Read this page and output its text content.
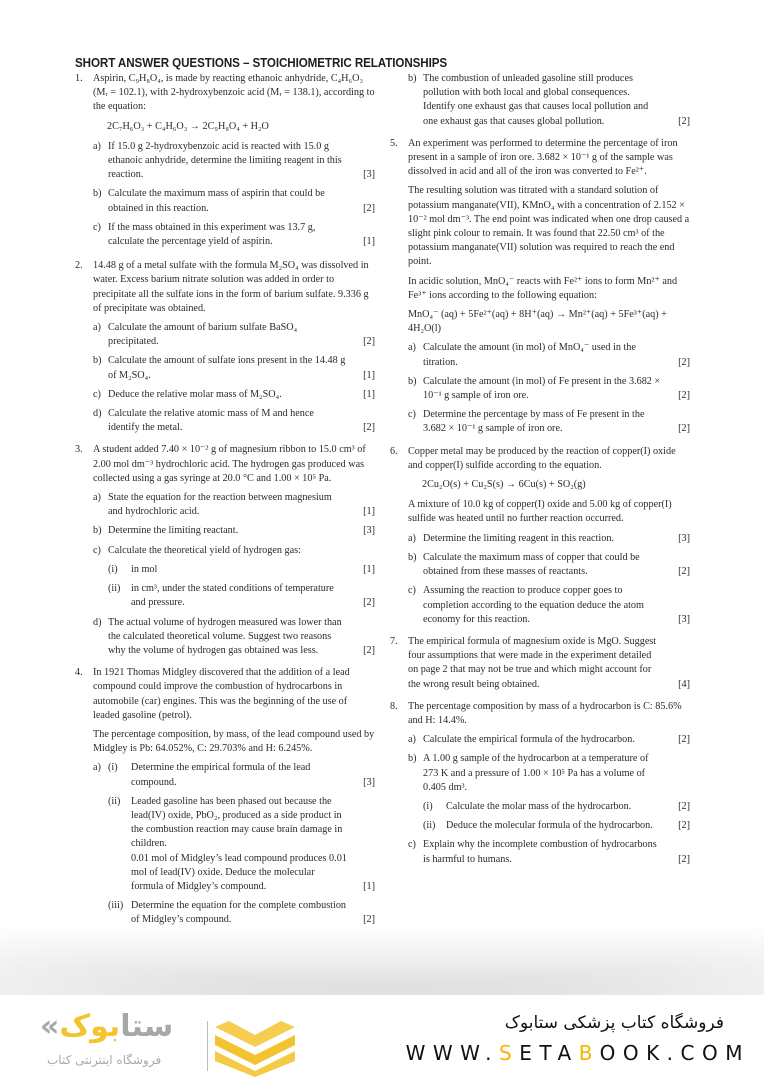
SHORT ANSWER QUESTIONS – STOICHIOMETRIC RELATIONSHIPS
1. Aspirin, C₉H₈O₄, is made by reacting ethanoic anhydride, C₄H₆O₃ (Mᵣ = 102.1), with 2-hydroxybenzoic acid (Mᵣ = 138.1), according to the equation:

2C₇H₆O₃ + C₄H₆O₃ → 2C₉H₈O₄ + H₂O

a) If 15.0 g 2-hydroxybenzoic acid is reacted with 15.0 g ethanoic anhydride, determine the limiting reagent in this reaction.	[3]
b) Calculate the maximum mass of aspirin that could be obtained in this reaction.	[2]
c) If the mass obtained in this experiment was 13.7 g, calculate the percentage yield of aspirin.	[1]
2. 14.48 g of a metal sulfate with the formula M₂SO₄ was dissolved in water. Excess barium nitrate solution was added in order to precipitate all the sulfate ions in the form of barium sulfate. 9.336 g of precipitate was obtained.

a) Calculate the amount of barium sulfate BaSO₄ precipitated.	[2]
b) Calculate the amount of sulfate ions present in the 14.48 g of M₂SO₄.	[1]
c) Deduce the relative molar mass of M₂SO₄.	[1]
d) Calculate the relative atomic mass of M and hence identify the metal.	[2]
3. A student added 7.40 × 10⁻² g of magnesium ribbon to 15.0 cm³ of 2.00 mol dm⁻³ hydrochloric acid. The hydrogen gas produced was collected using a gas syringe at 20.0 °C and 1.00 × 10⁵ Pa.

a) State the equation for the reaction between magnesium and hydrochloric acid.	[1]
b) Determine the limiting reactant.	[3]
c) Calculate the theoretical yield of hydrogen gas:
(i) in mol	[1]
(ii) in cm³, under the stated conditions of temperature and pressure.	[2]
d) The actual volume of hydrogen measured was lower than the calculated theoretical volume. Suggest two reasons why the volume of hydrogen gas obtained was less.	[2]
4. In 1921 Thomas Midgley discovered that the addition of a lead compound could improve the combustion of hydrocarbons in automobile (car) engines. This was the beginning of the use of leaded gasoline (petrol).

The percentage composition, by mass, of the lead compound used by Midgley is Pb: 64.052%, C: 29.703% and H: 6.245%.

a) (i) Determine the empirical formula of the lead compound.	[3]
(ii) Leaded gasoline has been phased out because the lead(IV) oxide, PbO₂, produced as a side product in the combustion reaction may cause brain damage in children.
0.01 mol of Midgley’s lead compound produces 0.01 mol of lead(IV) oxide. Deduce the molecular formula of Midgley’s compound.	[1]
(iii) Determine the equation for the complete combustion of Midgley’s compound.	[2]
b) The combustion of unleaded gasoline still produces pollution with both local and global consequences. Identify one exhaust gas that causes local pollution and one exhaust gas that causes global pollution.	[2]
5. An experiment was performed to determine the percentage of iron present in a sample of iron ore. 3.682 × 10⁻¹ g of the sample was dissolved in acid and all of the iron was converted to Fe²⁺.

The resulting solution was titrated with a standard solution of potassium manganate(VII), KMnO₄ with a concentration of 2.152 × 10⁻² mol dm⁻³. The end point was indicated when one drop caused a slight pink colour to remain. It was found that 22.50 cm³ of the potassium manganate(VII) solution was required to reach the end point.

In acidic solution, MnO₄⁻ reacts with Fe²⁺ ions to form Mn²⁺ and Fe³⁺ ions according to the following equation:

MnO₄⁻ (aq) + 5Fe²⁺(aq) + 8H⁺(aq) → Mn²⁺(aq) + 5Fe³⁺(aq) + 4H₂O(l)

a) Calculate the amount (in mol) of MnO₄⁻ used in the titration.	[2]
b) Calculate the amount (in mol) of Fe present in the 3.682 × 10⁻¹ g sample of iron ore.	[2]
c) Determine the percentage by mass of Fe present in the 3.682 × 10⁻¹ g sample of iron ore.	[2]
6. Copper metal may be produced by the reaction of copper(I) oxide and copper(I) sulfide according to the equation.

2Cu₂O(s) + Cu₂S(s) → 6Cu(s) + SO₂(g)

A mixture of 10.0 kg of copper(I) oxide and 5.00 kg of copper(I) sulfide was heated until no further reaction occurred.

a) Determine the limiting reagent in this reaction.	[3]
b) Calculate the maximum mass of copper that could be obtained from these masses of reactants.	[2]
c) Assuming the reaction to produce copper goes to completion according to the equation deduce the atom economy for this reaction.	[3]
7. The empirical formula of magnesium oxide is MgO. Suggest four assumptions that were made in the experiment detailed on page 2 that may not be true and which might account for the wrong result being obtained.	[4]
8. The percentage composition by mass of a hydrocarbon is C: 85.6% and H: 14.4%.

a) Calculate the empirical formula of the hydrocarbon.	[2]
b) A 1.00 g sample of the hydrocarbon at a temperature of 273 K and a pressure of 1.00 × 10⁵ Pa has a volume of 0.405 dm³.
(i) Calculate the molar mass of the hydrocarbon.	[2]
(ii) Deduce the molecular formula of the hydrocarbon. [2]
c) Explain why the incomplete combustion of hydrocarbons is harmful to humans.	[2]
«ستابوک
فروشگاه اینترنتی کتاب
فروشگاه کتاب پزشکی ستابوک
WWW.SETABOOK.COM
